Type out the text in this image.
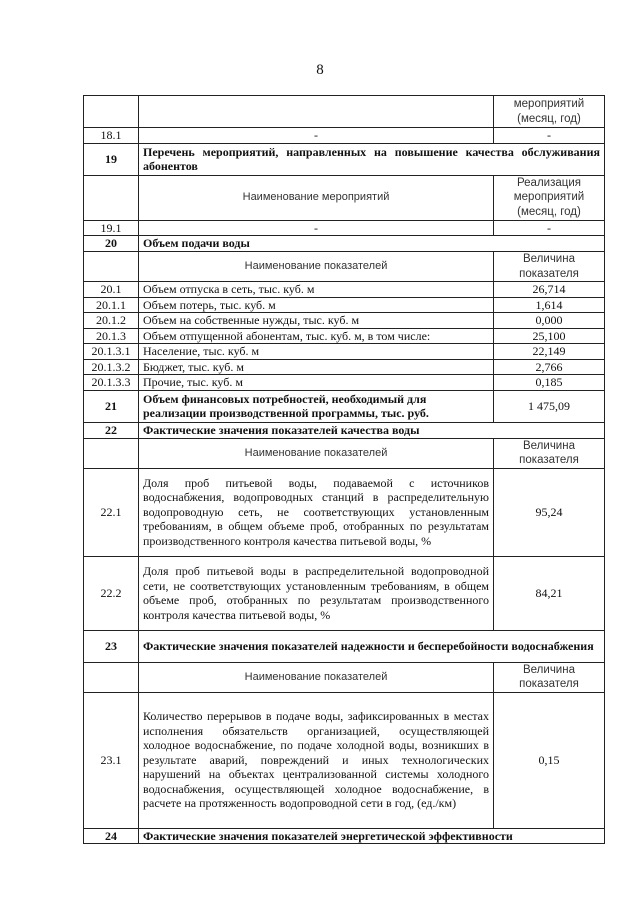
8
		мероприятий (месяц, год)
18.1	-	-
19	Перечень мероприятий, направленных на повышение качества обслуживания абонентов	
	Наименование мероприятий	Реализация мероприятий (месяц, год)
19.1	-	-
20	Объем подачи воды	
	Наименование показателей	Величина показателя
20.1	Объем отпуска в сеть, тыс. куб. м	26,714
20.1.1	Объем потерь, тыс. куб. м	1,614
20.1.2	Объем на собственные нужды, тыс. куб. м	0,000
20.1.3	Объем отпущенной абонентам, тыс. куб. м, в том числе:	25,100
20.1.3.1	Население, тыс. куб. м	22,149
20.1.3.2	Бюджет, тыс. куб. м	2,766
20.1.3.3	Прочие, тыс. куб. м	0,185
21	Объем финансовых потребностей, необходимый для реализации производственной программы, тыс. руб.	1 475,09
22	Фактические значения показателей качества воды	
	Наименование показателей	Величина показателя
22.1	Доля проб питьевой воды, подаваемой с источников водоснабжения, водопроводных станций в распределительную водопроводную сеть, не соответствующих установленным требованиям, в общем объеме проб, отобранных по результатам производственного контроля качества питьевой воды, %	95,24
22.2	Доля проб питьевой воды в распределительной водопроводной сети, не соответствующих установленным требованиям, в общем объеме проб, отобранных по результатам производственного контроля качества питьевой воды, %	84,21
23	Фактические значения показателей надежности и бесперебойности водоснабжения	
	Наименование показателей	Величина показателя
23.1	Количество перерывов в подаче воды, зафиксированных в местах исполнения обязательств организацией, осуществляющей холодное водоснабжение, по подаче холодной воды, возникших в результате аварий, повреждений и иных технологических нарушений на объектах централизованной системы холодного водоснабжения, осуществляющей холодное водоснабжение, в расчете на протяженность водопроводной сети в год, (ед./км)	0,15
24	Фактические значения показателей энергетической эффективности	
